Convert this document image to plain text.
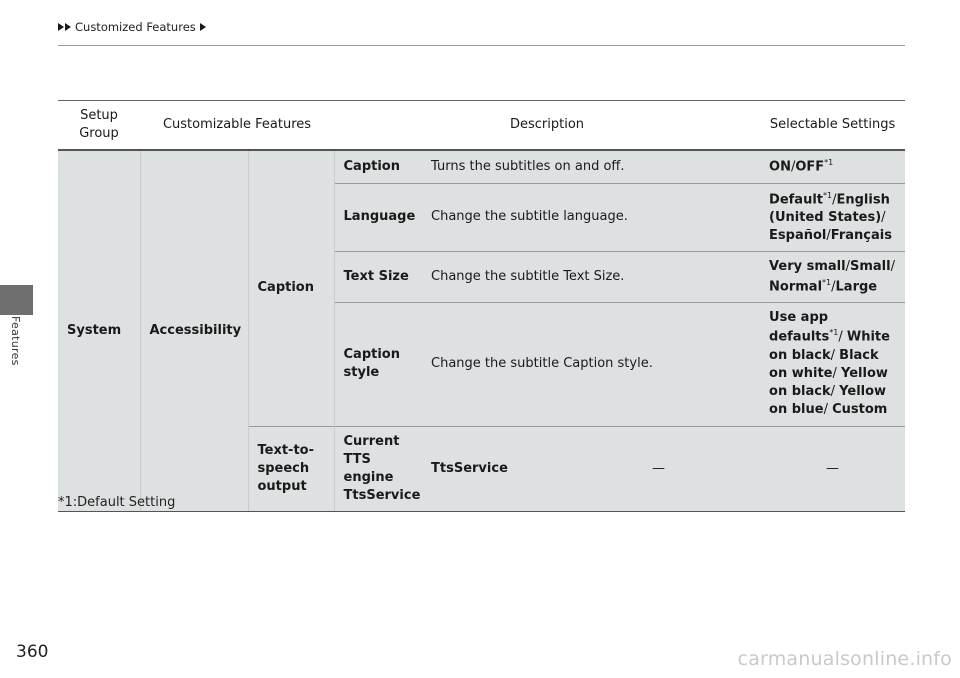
Customized Features
Features
Setup Group	Customizable Features		Description			Selectable Settings
System	Accessibility	Caption	Caption	Turns the subtitles on and off.		ON/OFF$^{*1}$
			Language	Change the subtitle language.		Default$^{*1}$/English (United States)/ Español/Français
			Text Size	Change the subtitle Text Size.		Very small/Small/ Normal$^{*1}$/Large
			Caption style	Change the subtitle Caption style.		Use app defaults$^{*1}$/ White on black/ Black on white/ Yellow on black/ Yellow on blue/ Custom
		Text-to-speech output	Current TTS engine TtsService	TtsService	—	—

*1:Default Setting
360	carmanualsonline.info
